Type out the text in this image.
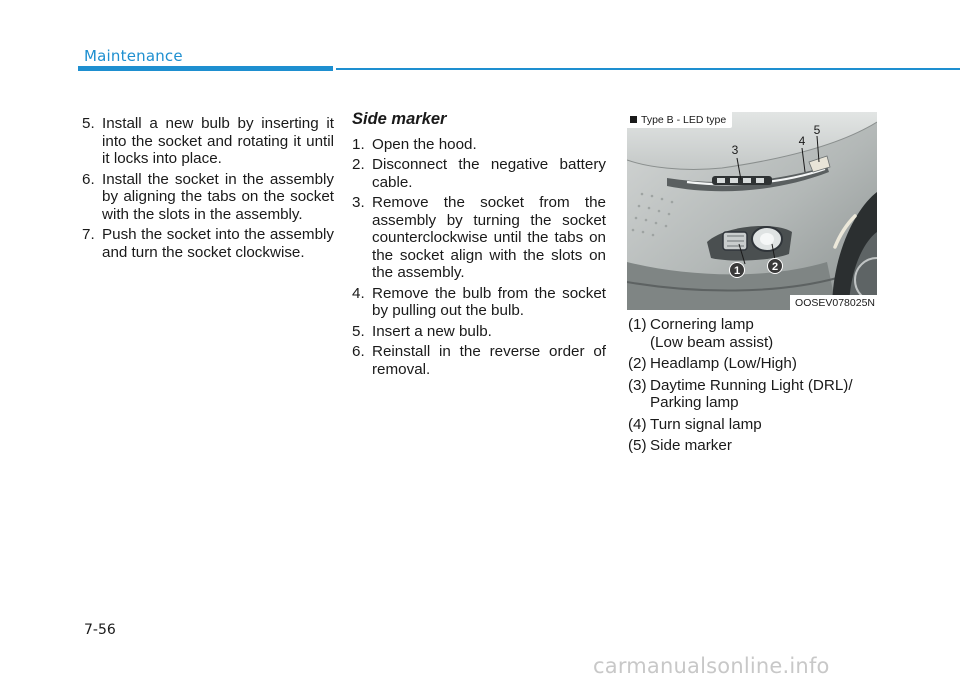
Maintenance
5. Install a new bulb by inserting it into the socket and rotating it until it locks into place.
6. Install the socket in the assembly by aligning the tabs on the socket with the slots in the assembly.
7. Push the socket into the assembly and turn the socket clockwise.
Side marker
1. Open the hood.
2. Disconnect the negative battery cable.
3. Remove the socket from the assembly by turning the socket counterclockwise until the tabs on the socket align with the slots on the assembly.
4. Remove the bulb from the socket by pulling out the bulb.
5. Insert a new bulb.
6. Reinstall in the reverse order of removal.
Type B - LED type
1	2
3
4
5
OOSEV078025N
(1) Cornering lamp
(Low beam assist)
(2) Headlamp (Low/High)
(3) Daytime Running Light (DRL)/
Parking lamp
(4) Turn signal lamp
(5) Side marker
7-56
carmanualsonline.info
